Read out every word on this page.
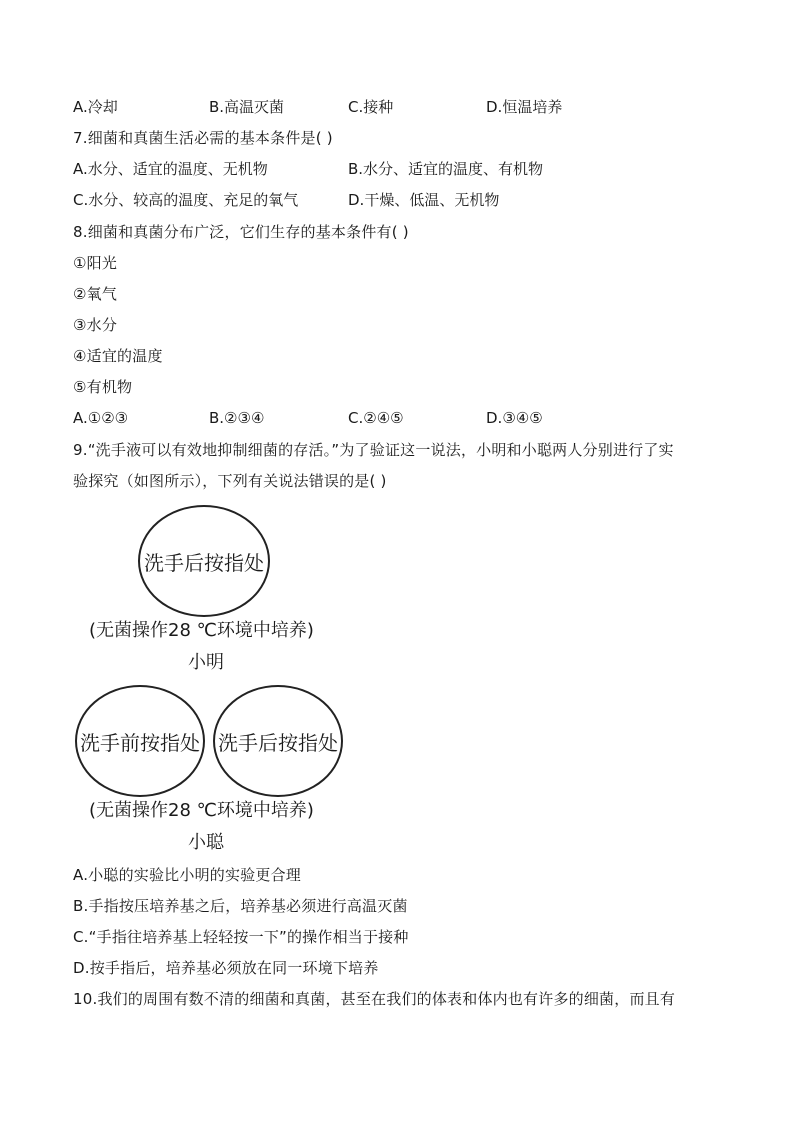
A.冷却	B.高温灭菌	C.接种	D.恒温培养
7.细菌和真菌生活必需的基本条件是( )
A.水分、适宜的温度、无机物	B.水分、适宜的温度、有机物
C.水分、较高的温度、充足的氧气	D.干燥、低温、无机物
8.细菌和真菌分布广泛，它们生存的基本条件有( )
①阳光
②氧气
③水分
④适宜的温度
⑤有机物
A.①②③	B.②③④	C.②④⑤	D.③④⑤
9.“洗手液可以有效地抑制细菌的存活。”为了验证这一说法，小明和小聪两人分别进行了实
验探究（如图所示），下列有关说法错误的是( )
洗手后按指处
(无菌操作28 ℃环境中培养)
小明
洗手前按指处 洗手后按指处
(无菌操作28 ℃环境中培养)
小聪
A.小聪的实验比小明的实验更合理
B.手指按压培养基之后，培养基必须进行高温灭菌
C.“手指往培养基上轻轻按一下”的操作相当于接种
D.按手指后，培养基必须放在同一环境下培养
10.我们的周围有数不清的细菌和真菌，甚至在我们的体表和体内也有许多的细菌，而且有
